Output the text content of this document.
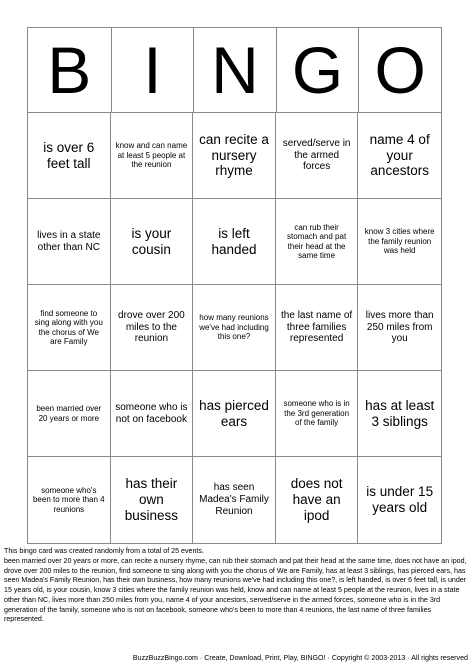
B I N G O
is over 6 feet tall
know and can name at least 5 people at the reunion
can recite a nursery rhyme
served/serve in the armed forces
name 4 of your ancestors
lives in a state other than NC
is your cousin
is left handed
can rub their stomach and pat their head at the same time
know 3 cities where the family reunion was held
find someone to sing along with you the chorus of We are Family
drove over 200 miles to the reunion
how many reunions we've had including this one?
the last name of three families represented
lives more than 250 miles from you
been married over 20 years or more
someone who is not on facebook
has pierced ears
someone who is in the 3rd generation of the family
has at least 3 siblings
someone who's been to more than 4 reunions
has their own business
has seen Madea's Family Reunion
does not have an ipod
is under 15 years old

This bingo card was created randomly from a total of 25 events.

been married over 20 years or more, can recite a nursery rhyme, can rub their stomach and pat their head at the same time, does not have an ipod, drove over 200 miles to the reunion, find someone to sing along with you the chorus of We are Family, has at least 3 siblings, has pierced ears, has seen Madea's Family Reunion, has their own business, how many reunions we've had including this one?, is left handed, is over 6 feet tall, is under 15 years old, is your cousin, know 3 cities where the family reunion was held, know and can name at least 5 people at the reunion, lives in a state other than NC, lives more than 250 miles from you, name 4 of your ancestors, served/serve in the armed forces, someone who is in the 3rd generation of the family, someone who is not on facebook, someone who's been to more than 4 reunions, the last name of three families represented.

BuzzBuzzBingo.com · Create, Download, Print, Play, BINGO! · Copyright © 2003-2013 · All rights reserved
